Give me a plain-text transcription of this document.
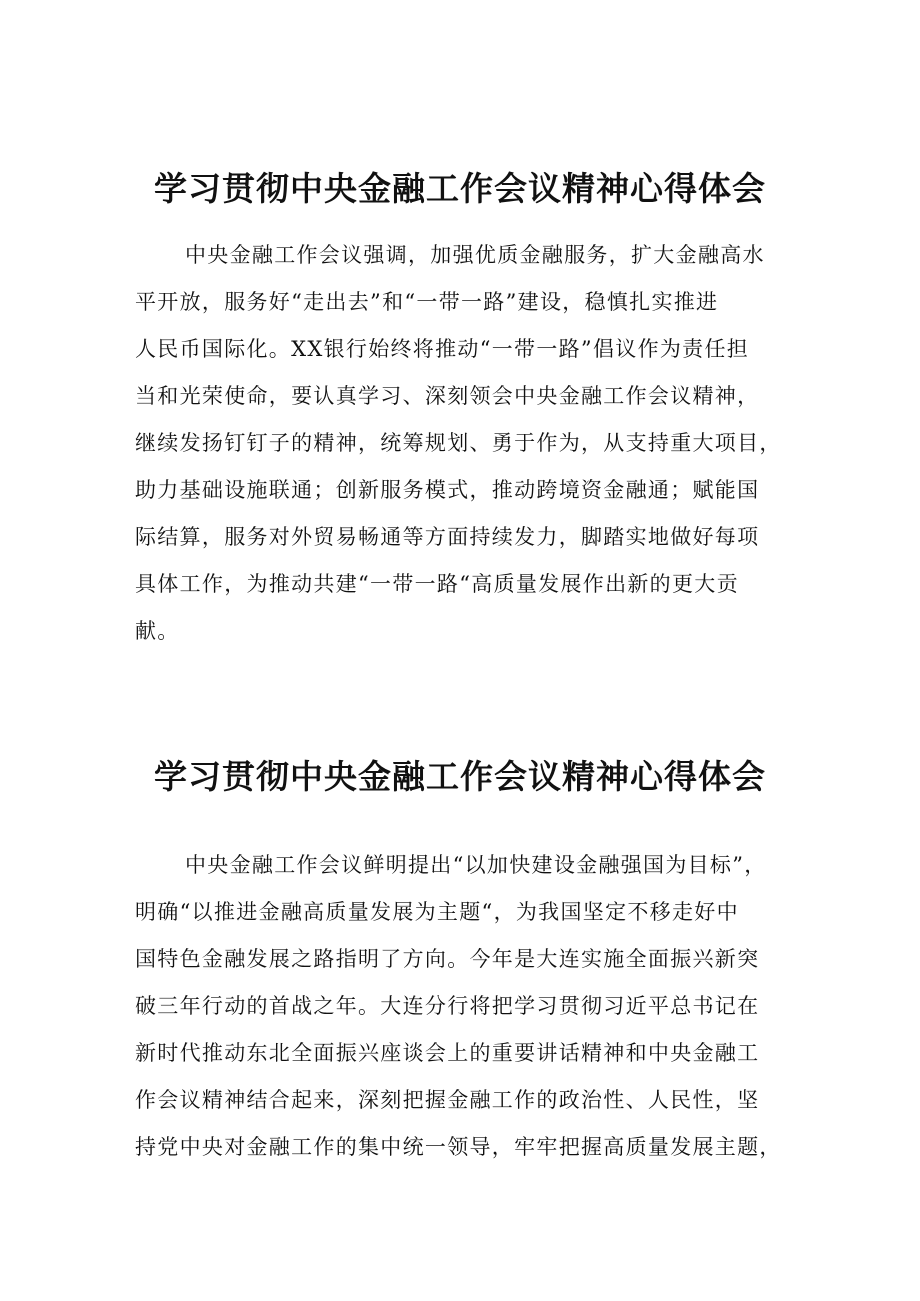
学习贯彻中央金融工作会议精神心得体会
中央金融工作会议强调，加强优质金融服务，扩大金融高水
平开放，服务好“走出去”和“一带一路”建设，稳慎扎实推进
人民币国际化。XX银行始终将推动“一带一路”倡议作为责任担
当和光荣使命，要认真学习、深刻领会中央金融工作会议精神，
继续发扬钉钉子的精神，统筹规划、勇于作为，从支持重大项目，
助力基础设施联通；创新服务模式，推动跨境资金融通；赋能国
际结算，服务对外贸易畅通等方面持续发力，脚踏实地做好每项
具体工作，为推动共建“一带一路“高质量发展作出新的更大贡
献。
学习贯彻中央金融工作会议精神心得体会
中央金融工作会议鲜明提出“以加快建设金融强国为目标”，
明确“以推进金融高质量发展为主题“，为我国坚定不移走好中
国特色金融发展之路指明了方向。今年是大连实施全面振兴新突
破三年行动的首战之年。大连分行将把学习贯彻习近平总书记在
新时代推动东北全面振兴座谈会上的重要讲话精神和中央金融工
作会议精神结合起来，深刻把握金融工作的政治性、人民性，坚
持党中央对金融工作的集中统一领导，牢牢把握高质量发展主题，
